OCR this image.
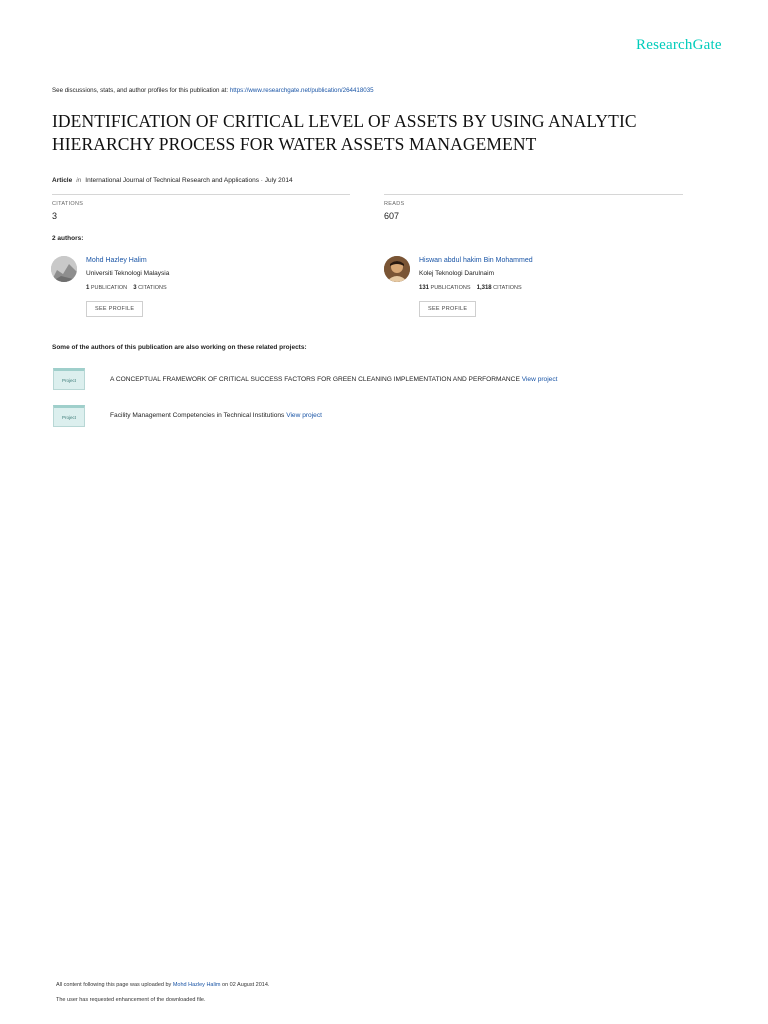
ResearchGate
See discussions, stats, and author profiles for this publication at: https://www.researchgate.net/publication/264418035
IDENTIFICATION OF CRITICAL LEVEL OF ASSETS BY USING ANALYTIC HIERARCHY PROCESS FOR WATER ASSETS MANAGEMENT
Article in International Journal of Technical Research and Applications · July 2014
CITATIONS
3
READS
607
2 authors:
Mohd Hazley Halim
Universiti Teknologi Malaysia
1 PUBLICATION 3 CITATIONS
SEE PROFILE
Hiswan abdul hakim Bin Mohammed
Kolej Teknologi Darulnaim
131 PUBLICATIONS 1,318 CITATIONS
SEE PROFILE
Some of the authors of this publication are also working on these related projects:
Project	A CONCEPTUAL FRAMEWORK OF CRITICAL SUCCESS FACTORS FOR GREEN CLEANING IMPLEMENTATION AND PERFORMANCE View project
Project	Facility Management Competencies in Technical Institutions View project
All content following this page was uploaded by Mohd Hazley Halim on 02 August 2014.
The user has requested enhancement of the downloaded file.
